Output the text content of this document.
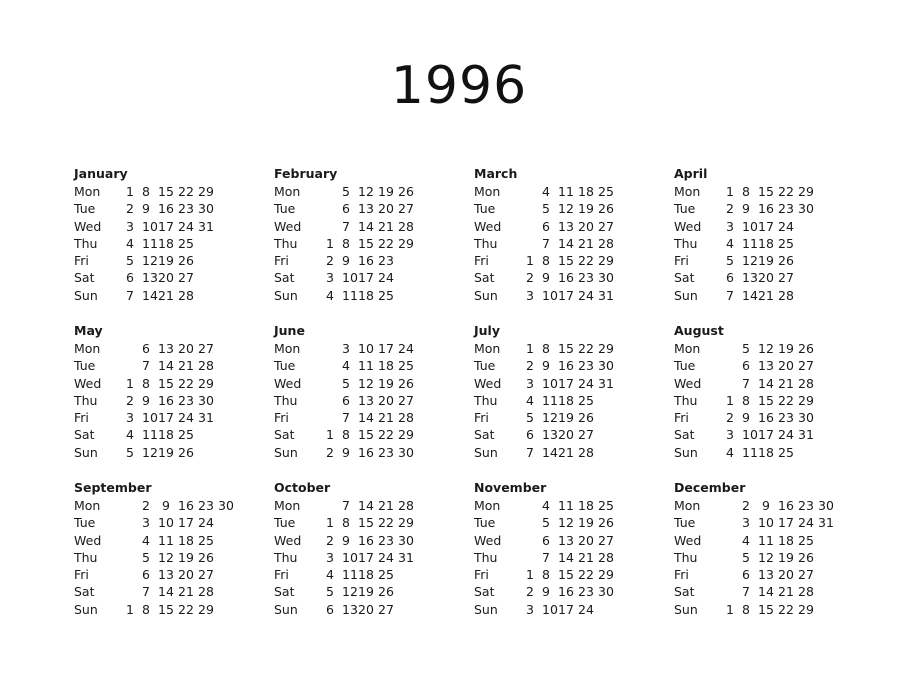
1996
January
Mon	1 8 15 22 29
Tue	2 9 16 23 30
Wed	3 10 17 24 31
Thu	4 11 18 25
Fri	5 12 19 26
Sat	6 13 20 27
Sun	7 14 21 28
February
Mon	5 12 19 26
Tue	6 13 20 27
Wed	7 14 21 28
Thu	1 8 15 22 29
Fri	2 9 16 23
Sat	3 10 17 24
Sun	4 11 18 25
March
Mon	4 11 18 25
Tue	5 12 19 26
Wed	6 13 20 27
Thu	7 14 21 28
Fri	1 8 15 22 29
Sat	2 9 16 23 30
Sun	3 10 17 24 31
April
Mon	1 8 15 22 29
Tue	2 9 16 23 30
Wed	3 10 17 24
Thu	4 11 18 25
Fri	5 12 19 26
Sat	6 13 20 27
Sun	7 14 21 28
May
Mon	6 13 20 27
Tue	7 14 21 28
Wed	1 8 15 22 29
Thu	2 9 16 23 30
Fri	3 10 17 24 31
Sat	4 11 18 25
Sun	5 12 19 26
June
Mon	3 10 17 24
Tue	4 11 18 25
Wed	5 12 19 26
Thu	6 13 20 27
Fri	7 14 21 28
Sat	1 8 15 22 29
Sun	2 9 16 23 30
July
Mon	1 8 15 22 29
Tue	2 9 16 23 30
Wed	3 10 17 24 31
Thu	4 11 18 25
Fri	5 12 19 26
Sat	6 13 20 27
Sun	7 14 21 28
August
Mon	5 12 19 26
Tue	6 13 20 27
Wed	7 14 21 28
Thu	1 8 15 22 29
Fri	2 9 16 23 30
Sat	3 10 17 24 31
Sun	4 11 18 25
September
Mon	2 9 16 23 30
Tue	3 10 17 24
Wed	4 11 18 25
Thu	5 12 19 26
Fri	6 13 20 27
Sat	7 14 21 28
Sun	1 8 15 22 29
October
Mon	7 14 21 28
Tue	1 8 15 22 29
Wed	2 9 16 23 30
Thu	3 10 17 24 31
Fri	4 11 18 25
Sat	5 12 19 26
Sun	6 13 20 27
November
Mon	4 11 18 25
Tue	5 12 19 26
Wed	6 13 20 27
Thu	7 14 21 28
Fri	1 8 15 22 29
Sat	2 9 16 23 30
Sun	3 10 17 24
December
Mon	2 9 16 23 30
Tue	3 10 17 24 31
Wed	4 11 18 25
Thu	5 12 19 26
Fri	6 13 20 27
Sat	7 14 21 28
Sun	1 8 15 22 29
